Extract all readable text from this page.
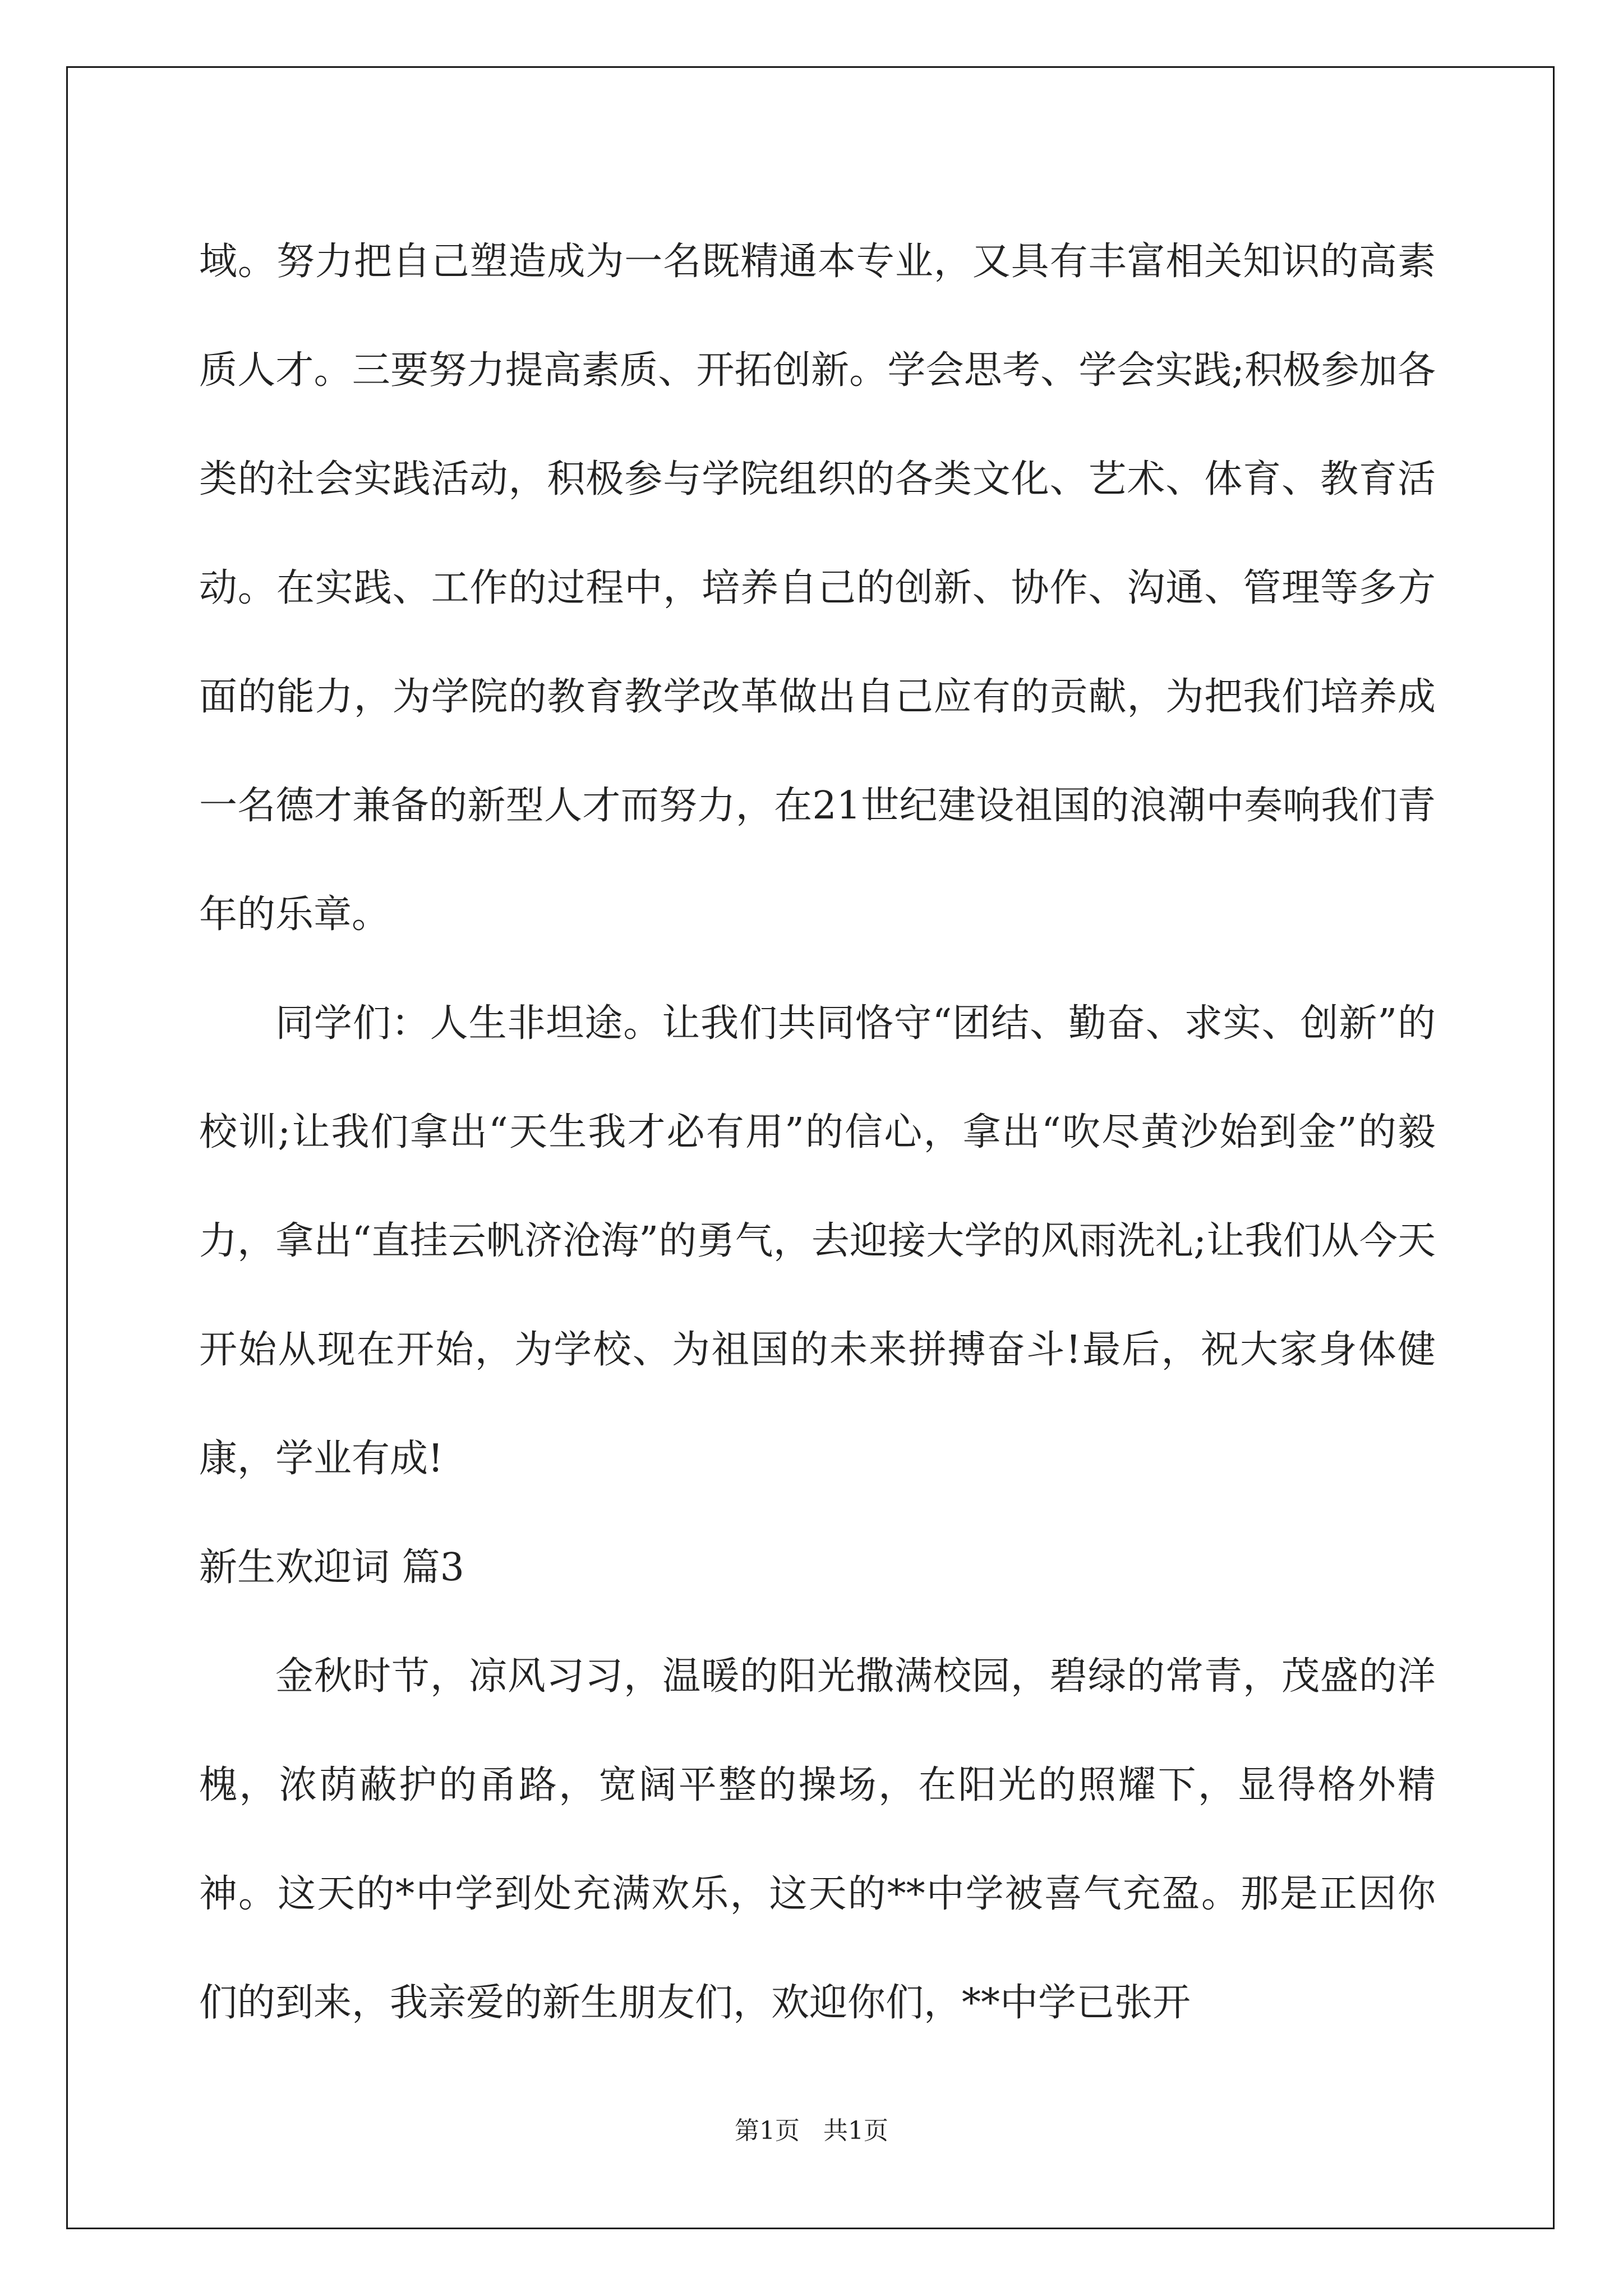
域。努力把自己塑造成为一名既精通本专业，又具有丰富相关知识的高素质人才。三要努力提高素质、开拓创新。学会思考、学会实践;积极参加各类的社会实践活动，积极参与学院组织的各类文化、艺术、体育、教育活动。在实践、工作的过程中，培养自己的创新、协作、沟通、管理等多方面的能力，为学院的教育教学改革做出自己应有的贡献，为把我们培养成一名德才兼备的新型人才而努力，在21世纪建设祖国的浪潮中奏响我们青年的乐章。

同学们：人生非坦途。让我们共同恪守“团结、勤奋、求实、创新”的校训;让我们拿出“天生我才必有用”的信心，拿出“吹尽黄沙始到金”的毅力，拿出“直挂云帆济沧海”的勇气，去迎接大学的风雨洗礼;让我们从今天开始从现在开始，为学校、为祖国的未来拼搏奋斗!最后，祝大家身体健康，学业有成!

新生欢迎词 篇3

金秋时节，凉风习习，温暖的阳光撒满校园，碧绿的常青，茂盛的洋槐，浓荫蔽护的甬路，宽阔平整的操场，在阳光的照耀下，显得格外精神。这天的*中学到处充满欢乐，这天的**中学被喜气充盈。那是正因你们的到来，我亲爱的新生朋友们，欢迎你们，**中学已张开

第1页 共1页
